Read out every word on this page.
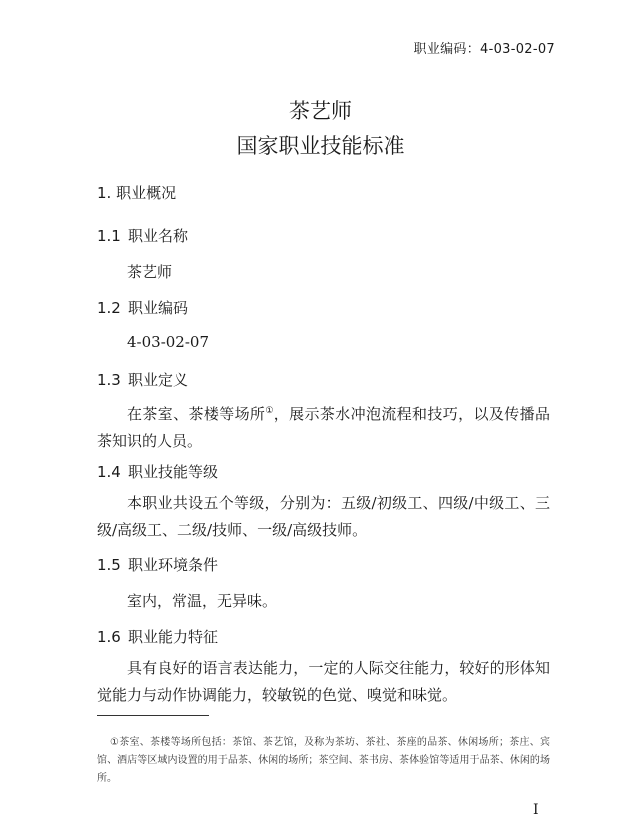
职业编码：4-03-02-07
茶艺师
国家职业技能标准
1. 职业概况
1.1 职业名称
茶艺师
1.2 职业编码
4-03-02-07
1.3 职业定义
在茶室、茶楼等场所①，展示茶水冲泡流程和技巧，以及传播品茶知识的人员。
1.4 职业技能等级
本职业共设五个等级，分别为：五级/初级工、四级/中级工、三级/高级工、二级/技师、一级/高级技师。
1.5 职业环境条件
室内，常温，无异味。
1.6 职业能力特征
具有良好的语言表达能力，一定的人际交往能力，较好的形体知觉能力与动作协调能力，较敏锐的色觉、嗅觉和味觉。
①茶室、茶楼等场所包括：茶馆、茶艺馆，及称为茶坊、茶社、茶座的品茶、休闲场所；茶庄、宾馆、酒店等区域内设置的用于品茶、休闲的场所；茶空间、茶书房、茶体验馆等适用于品茶、休闲的场所。
I
